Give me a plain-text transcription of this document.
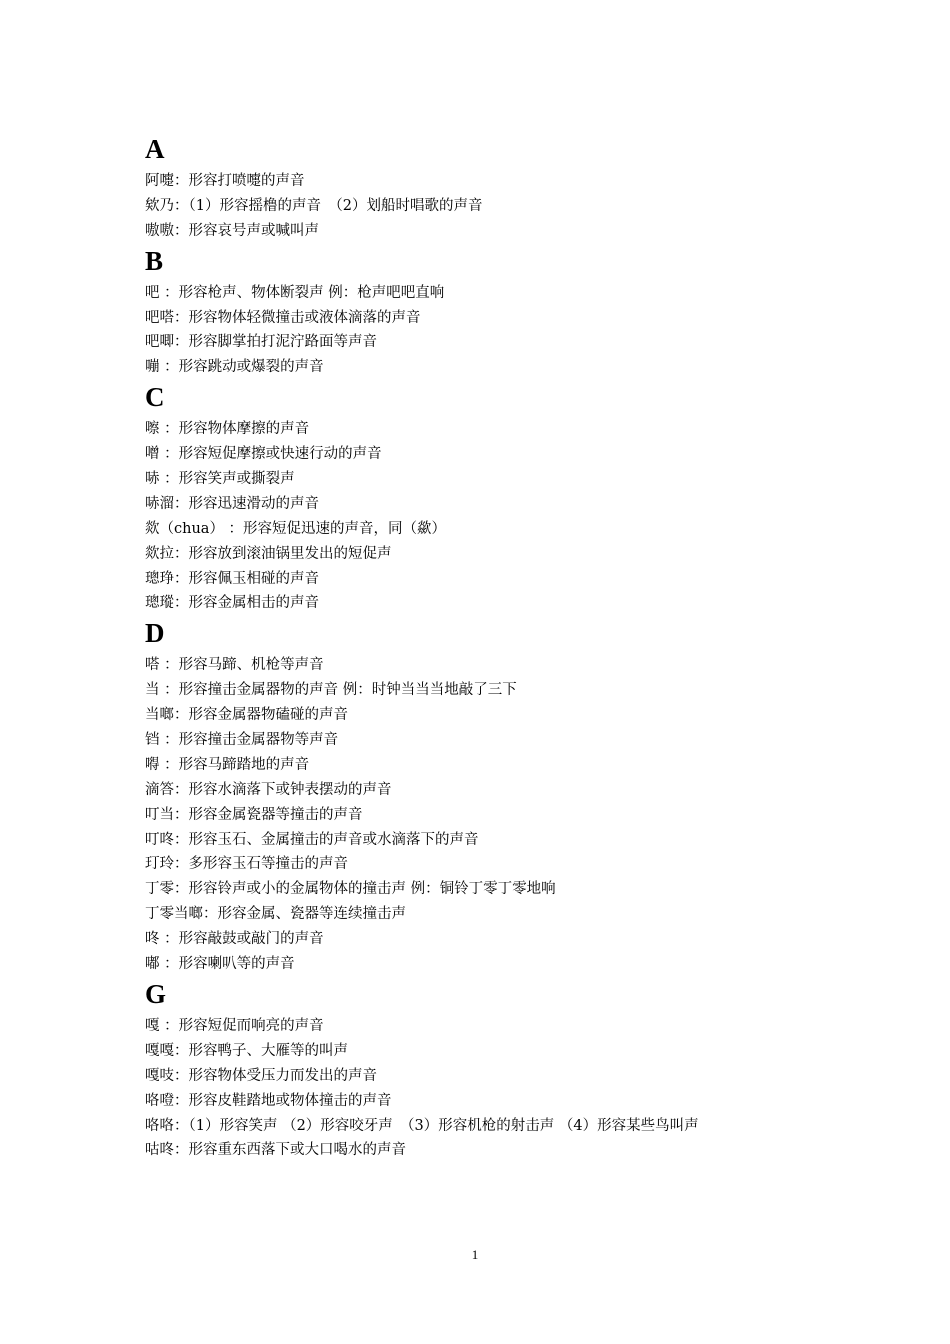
A
阿嚏：形容打喷嚏的声音
欸乃：（1）形容摇橹的声音　（2）划船时唱歌的声音
嗷嗷：形容哀号声或喊叫声
B
吧 ：形容枪声、物体断裂声 例：枪声吧吧直响
吧嗒：形容物体轻微撞击或液体滴落的声音
吧唧：形容脚掌拍打泥泞路面等声音
嘣 ：形容跳动或爆裂的声音
C
嚓 ：形容物体摩擦的声音
噌 ：形容短促摩擦或快速行动的声音
哧 ：形容笑声或撕裂声
哧溜：形容迅速滑动的声音
欻（chua） ：形容短促迅速的声音，同（歘）
欻拉：形容放到滚油锅里发出的短促声
璁琤：形容佩玉相碰的声音
璁瑽：形容金属相击的声音
D
嗒 ：形容马蹄、机枪等声音
当 ：形容撞击金属器物的声音 例：时钟当当当地敲了三下
当啷：形容金属器物磕碰的声音
铛 ：形容撞击金属器物等声音
嘚 ：形容马蹄踏地的声音
滴答：形容水滴落下或钟表摆动的声音
叮当：形容金属瓷器等撞击的声音
叮咚：形容玉石、金属撞击的声音或水滴落下的声音
玎玲：多形容玉石等撞击的声音
丁零：形容铃声或小的金属物体的撞击声 例：铜铃丁零丁零地响
丁零当啷：形容金属、瓷器等连续撞击声
咚 ：形容敲鼓或敲门的声音
嘟 ：形容喇叭等的声音
G
嘎 ：形容短促而响亮的声音
嘎嘎：形容鸭子、大雁等的叫声
嘎吱：形容物体受压力而发出的声音
咯噔：形容皮鞋踏地或物体撞击的声音
咯咯：（1）形容笑声 （2）形容咬牙声　（3）形容机枪的射击声 （4）形容某些鸟叫声
咕咚：形容重东西落下或大口喝水的声音
1
